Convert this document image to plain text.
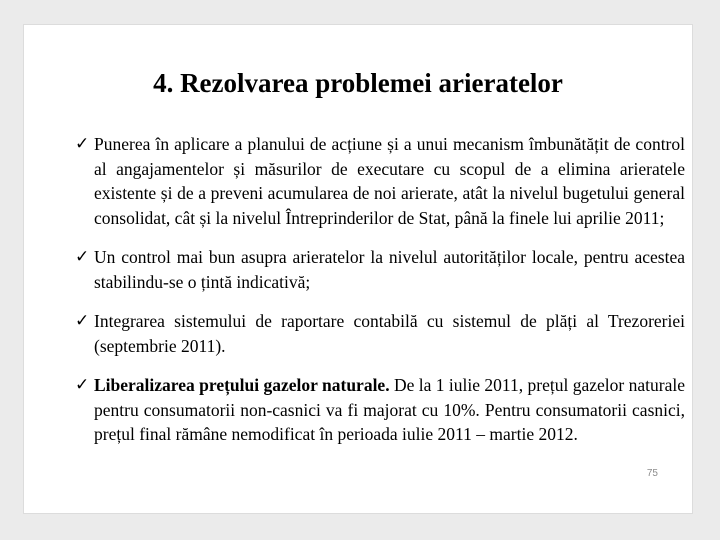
4. Rezolvarea problemei arieratelor
✓ Punerea în aplicare a planului de acțiune și a unui mecanism îmbunătățit de control al angajamentelor și măsurilor de executare cu scopul de a elimina arieratele existente și de a preveni acumularea de noi arierate, atât la nivelul bugetului general consolidat, cât și la nivelul Întreprinderilor de Stat, până la finele lui aprilie 2011;
✓ Un control mai bun asupra arieratelor la nivelul autorităților locale, pentru acestea stabilindu-se o țintă indicativă;
✓ Integrarea sistemului de raportare contabilă cu sistemul de plăți al Trezoreriei (septembrie 2011).
✓ Liberalizarea prețului gazelor naturale. De la 1 iulie 2011, prețul gazelor naturale pentru consumatorii non-casnici va fi majorat cu 10%. Pentru consumatorii casnici, prețul final rămâne nemodificat în perioada iulie 2011 – martie 2012.
75
